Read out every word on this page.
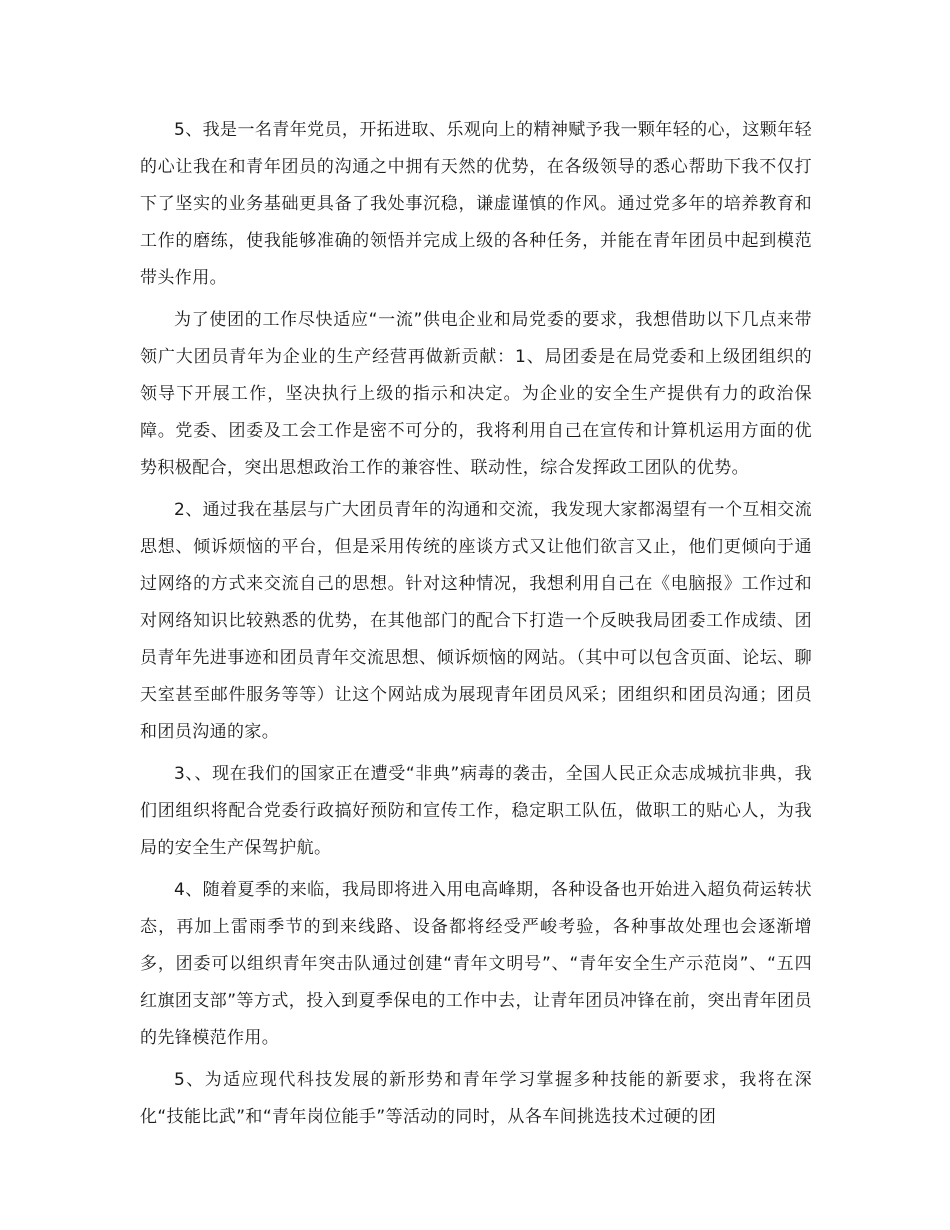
5、我是一名青年党员，开拓进取、乐观向上的精神赋予我一颗年轻的心，这颗年轻的心让我在和青年团员的沟通之中拥有天然的优势，在各级领导的悉心帮助下我不仅打下了坚实的业务基础更具备了我处事沉稳，谦虚谨慎的作风。通过党多年的培养教育和工作的磨练，使我能够准确的领悟并完成上级的各种任务，并能在青年团员中起到模范带头作用。

为了使团的工作尽快适应“一流”供电企业和局党委的要求，我想借助以下几点来带领广大团员青年为企业的生产经营再做新贡献：1、局团委是在局党委和上级团组织的领导下开展工作，坚决执行上级的指示和决定。为企业的安全生产提供有力的政治保障。党委、团委及工会工作是密不可分的，我将利用自己在宣传和计算机运用方面的优势积极配合，突出思想政治工作的兼容性、联动性，综合发挥政工团队的优势。

2、通过我在基层与广大团员青年的沟通和交流，我发现大家都渴望有一个互相交流思想、倾诉烦恼的平台，但是采用传统的座谈方式又让他们欲言又止，他们更倾向于通过网络的方式来交流自己的思想。针对这种情况，我想利用自己在《电脑报》工作过和对网络知识比较熟悉的优势，在其他部门的配合下打造一个反映我局团委工作成绩、团员青年先进事迹和团员青年交流思想、倾诉烦恼的网站。（其中可以包含页面、论坛、聊天室甚至邮件服务等等）让这个网站成为展现青年团员风采；团组织和团员沟通；团员和团员沟通的家。

3、、现在我们的国家正在遭受“非典”病毒的袭击，全国人民正众志成城抗非典，我们团组织将配合党委行政搞好预防和宣传工作，稳定职工队伍，做职工的贴心人，为我局的安全生产保驾护航。

4、随着夏季的来临，我局即将进入用电高峰期，各种设备也开始进入超负荷运转状态，再加上雷雨季节的到来线路、设备都将经受严峻考验，各种事故处理也会逐渐增多，团委可以组织青年突击队通过创建“青年文明号”、“青年安全生产示范岗”、“五四红旗团支部”等方式，投入到夏季保电的工作中去，让青年团员冲锋在前，突出青年团员的先锋模范作用。

5、为适应现代科技发展的新形势和青年学习掌握多种技能的新要求，我将在深化“技能比武”和“青年岗位能手”等活动的同时，从各车间挑选技术过硬的团
